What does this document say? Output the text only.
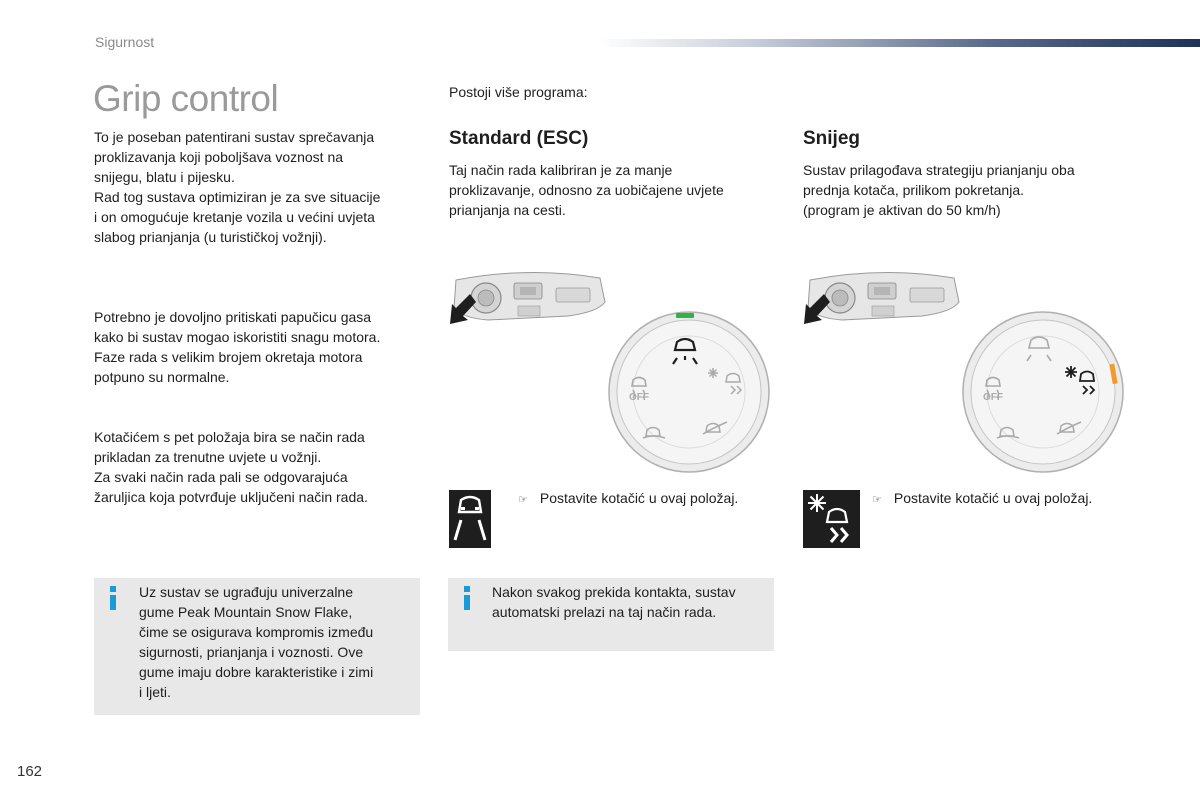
Sigurnost
Grip control
To je poseban patentirani sustav sprečavanja
proklizavanja koji poboljšava voznost na
snijegu, blatu i pijesku.
Rad tog sustava optimiziran je za sve situacije
i on omogućuje kretanje vozila u većini uvjeta
slabog prianjanja (u turističkoj vožnji).
Potrebno je dovoljno pritiskati papučicu gasa
kako bi sustav mogao iskoristiti snagu motora.
Faze rada s velikim brojem okretaja motora
potpuno su normalne.
Kotačićem s pet položaja bira se način rada
prikladan za trenutne uvjete u vožnji.
Za svaki način rada pali se odgovarajuća
žaruljica koja potvrđuje uključeni način rada.
Uz sustav se ugrađuju univerzalne
gume Peak Mountain Snow Flake,
čime se osigurava kompromis između
sigurnosti, prianjanja i voznosti. Ove
gume imaju dobre karakteristike i zimi
i ljeti.
Postoji više programa:
Standard (ESC)
Taj način rada kalibriran je za manje
proklizavanje, odnosno za uobičajene uvjete
prianjanja na cesti.
OFF
☞ Postavite kotačić u ovaj položaj.
Nakon svakog prekida kontakta, sustav
automatski prelazi na taj način rada.
Snijeg
Sustav prilagođava strategiju prianjanju oba
prednja kotača, prilikom pokretanja.
(program je aktivan do 50 km/h)
OFF
☞ Postavite kotačić u ovaj položaj.
162
